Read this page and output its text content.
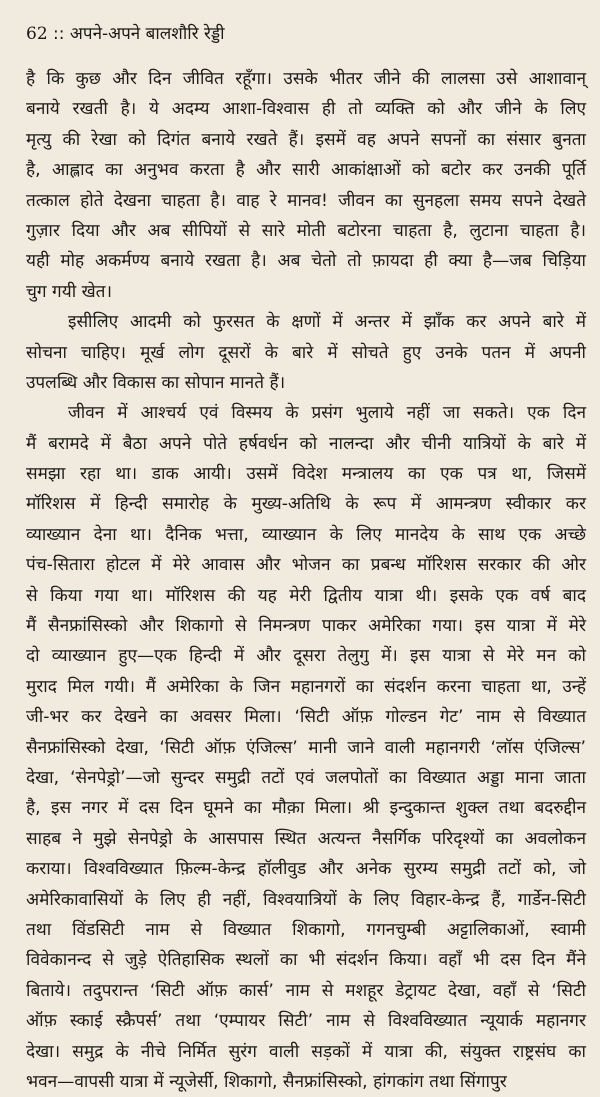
62 :: अपने-अपने बालशौरि रेड्डी
है कि कुछ और दिन जीवित रहूँगा। उसके भीतर जीने की लालसा उसे आशावान्
बनाये रखती है। ये अदम्य आशा-विश्वास ही तो व्यक्ति को और जीने के लिए
मृत्यु की रेखा को दिगंत बनाये रखते हैं। इसमें वह अपने सपनों का संसार बुनता
है, आह्लाद का अनुभव करता है और सारी आकांक्षाओं को बटोर कर उनकी पूर्ति
तत्काल होते देखना चाहता है। वाह रे मानव! जीवन का सुनहला समय सपने देखते
गुज़ार दिया और अब सीपियों से सारे मोती बटोरना चाहता है, लुटाना चाहता है।
यही मोह अकर्मण्य बनाये रखता है। अब चेतो तो फ़ायदा ही क्या है—जब चिड़िया
चुग गयी खेत।
इसीलिए आदमी को फुरसत के क्षणों में अन्तर में झाँक कर अपने बारे में
सोचना चाहिए। मूर्ख लोग दूसरों के बारे में सोचते हुए उनके पतन में अपनी
उपलब्धि और विकास का सोपान मानते हैं।
जीवन में आश्चर्य एवं विस्मय के प्रसंग भुलाये नहीं जा सकते। एक दिन
मैं बरामदे में बैठा अपने पोते हर्षवर्धन को नालन्दा और चीनी यात्रियों के बारे में
समझा रहा था। डाक आयी। उसमें विदेश मन्त्रालय का एक पत्र था, जिसमें
मॉरिशस में हिन्दी समारोह के मुख्य-अतिथि के रूप में आमन्त्रण स्वीकार कर
व्याख्यान देना था। दैनिक भत्ता, व्याख्यान के लिए मानदेय के साथ एक अच्छे
पंच-सितारा होटल में मेरे आवास और भोजन का प्रबन्ध मॉरिशस सरकार की ओर
से किया गया था। मॉरिशस की यह मेरी द्वितीय यात्रा थी। इसके एक वर्ष बाद
मैं सैनफ्रांसिस्को और शिकागो से निमन्त्रण पाकर अमेरिका गया। इस यात्रा में मेरे
दो व्याख्यान हुए—एक हिन्दी में और दूसरा तेलुगु में। इस यात्रा से मेरे मन को
मुराद मिल गयी। मैं अमेरिका के जिन महानगरों का संदर्शन करना चाहता था, उन्हें
जी-भर कर देखने का अवसर मिला। ‘सिटी ऑफ़ गोल्डन गेट’ नाम से विख्यात
सैनफ्रांसिस्को देखा, ‘सिटी ऑफ़ एंजिल्स’ मानी जाने वाली महानगरी ‘लॉस एंजिल्स’
देखा, ‘सेनपेड्रो’—जो सुन्दर समुद्री तटों एवं जलपोतों का विख्यात अड्डा माना जाता
है, इस नगर में दस दिन घूमने का मौक़ा मिला। श्री इन्दुकान्त शुक्ल तथा बदरुद्दीन
साहब ने मुझे सेनपेड्रो के आसपास स्थित अत्यन्त नैसर्गिक परिदृश्यों का अवलोकन
कराया। विश्वविख्यात फ़िल्म-केन्द्र हॉलीवुड और अनेक सुरम्य समुद्री तटों को, जो
अमेरिकावासियों के लिए ही नहीं, विश्वयात्रियों के लिए विहार-केन्द्र हैं, गार्डेन-सिटी
तथा विंडसिटी नाम से विख्यात शिकागो, गगनचुम्बी अट्टालिकाओं, स्वामी
विवेकानन्द से जुड़े ऐतिहासिक स्थलों का भी संदर्शन किया। वहाँ भी दस दिन मैंने
बिताये। तदुपरान्त ‘सिटी ऑफ़ कार्स’ नाम से मशहूर डेट्रायट देखा, वहाँ से ‘सिटी
ऑफ़ स्काई स्क्रैपर्स’ तथा ‘एम्पायर सिटी’ नाम से विश्वविख्यात न्यूयार्क महानगर
देखा। समुद्र के नीचे निर्मित सुरंग वाली सड़कों में यात्रा की, संयुक्त राष्ट्रसंघ का
भवन—वापसी यात्रा में न्यूजेर्सी, शिकागो, सैनफ्रांसिस्को, हांगकांग तथा सिंगापुर
